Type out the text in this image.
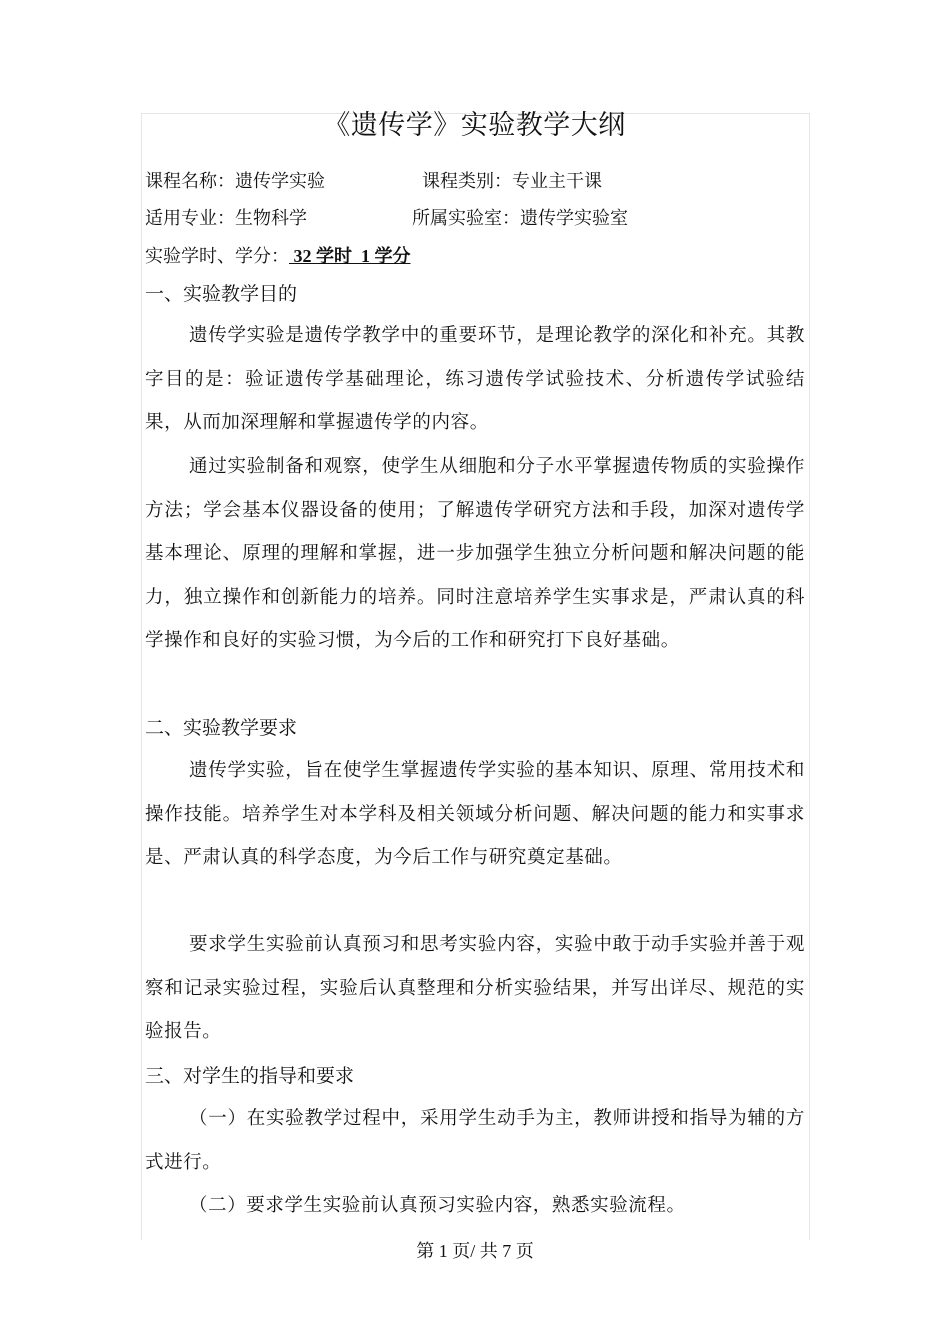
《遗传学》实验教学大纲
课程名称：遗传学实验	课程类别：专业主干课
适用专业：生物科学	所属实验室：遗传学实验室
实验学时、学分： 32 学时  1 学分
一、实验教学目的

遗传学实验是遗传学教学中的重要环节，是理论教学的深化和补充。其教字目的是：验证遗传学基础理论，练习遗传学试验技术、分析遗传学试验结果，从而加深理解和掌握遗传学的内容。

通过实验制备和观察，使学生从细胞和分子水平掌握遗传物质的实验操作方法；学会基本仪器设备的使用；了解遗传学研究方法和手段，加深对遗传学基本理论、原理的理解和掌握，进一步加强学生独立分析问题和解决问题的能力，独立操作和创新能力的培养。同时注意培养学生实事求是，严肃认真的科学操作和良好的实验习惯，为今后的工作和研究打下良好基础。

二、实验教学要求

遗传学实验，旨在使学生掌握遗传学实验的基本知识、原理、常用技术和操作技能。培养学生对本学科及相关领域分析问题、解决问题的能力和实事求是、严肃认真的科学态度，为今后工作与研究奠定基础。

要求学生实验前认真预习和思考实验内容，实验中敢于动手实验并善于观察和记录实验过程，实验后认真整理和分析实验结果，并写出详尽、规范的实验报告。

三、对学生的指导和要求

（一）在实验教学过程中，采用学生动手为主，教师讲授和指导为辅的方式进行。

（二）要求学生实验前认真预习实验内容，熟悉实验流程。

第 1 页/ 共 7 页
